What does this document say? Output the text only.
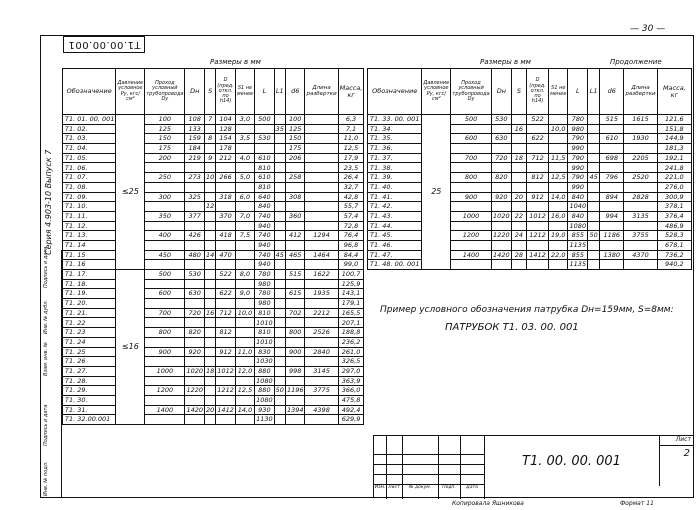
— 30 —
T1.00.00.001
Серия 4.903-10 Выпуск 7
Инв. № подл.
Подпись и дата
Взам. инв. №
Инв. № дубл.
Подпись и дата
Размеры в мм
Обозначение	Давление условное Pу, кгс/см²	Проход условный трубопровода Dу	Dн	S	D (пред. откл. по h14)	S1 не менее	L	L1	d6	Длина разбертки	Масса, кг
T1. 01. 00. 001	≤25	100	108	7	104	3,0	500		100		6,3
T1. 02.		125	133		128			35	125		7,1
T1. 03.		150	159	8	154	3,5	530		150		11,0
T1. 04.		175	184		178				175		12,5
T1. 05.		200	219	9	212	4,0	610		206		17,9
T1. 06.							810				23,5
T1. 07.		250	273	10	266	5,0	610		258		26,4
T1. 08.							810				32,7
T1. 09.		300	325		318	6,0	640		308		42,8
T1. 10.				12			840				55,7
T1. 11.		350	377		370	7,0	740		360		57,4
T1. 12.							940				72,8
T1. 13.		400	426		418	7,5	740		412	1294	76,4
T1. 14							940				96,8
T1. 15		450	480	14	470		740	45	465	1464	84,4
T1. 16							940				99,0
T1. 17.	≤16	500	530		522	8,0	780		515	1622	100,7
T1. 18.							980				125,9
T1. 19.		600	630		622	9,0	780		615	1935	143,1
T1. 20.							980				179,1
T1. 21.		700	720	16	712	10,0	810		702	2212	165,5
T1. 22							1010				207,1
T1. 23		800	820		812		810		800	2526	188,8
T1. 24							1010				236,2
T1. 25		900	920		912	11,0	830		900	2840	261,0
T1. 26							1030				326,5
T1. 27.		1000	1020	18	1012	12,0	880		998	3145	297,0
T1. 28.							1080				363,9
T1. 29.		1200	1220		1212	12,5	880	50	1196	3775	366,0
T1. 30.							1080				475,8
T1. 31.		1400	1420	20	1412	14,0	930		1394	4398	492,4
T1. 32.00.001							1130				629,9
Размеры в мм	Продолжение
Обозначение	Давление условное Pу, кгс/см²	Проход условный трубопровода Dу	Dн	S	D (пред. откл. по h14)	S1 не менее	L	L1	d6	Длина разбертки	Масса, кг
T1. 33. 00. 001	25	500	530		522		780		515	1615	121,6
T1. 34.				16		10,0	980				151,8
T1. 35.		600	630		622		790		610	1930	144,9
T1. 36.							990				181,3
T1. 37.		700	720	18	712	11,5	790		698	2205	192,1
T1. 38.							990				241,8
T1. 39.		800	820		812	12,5	790	45	796	2520	221,0
T1. 40.							990				276,0
T1. 41.		900	920	20	912	14,0	840		894	2828	300,9
T1. 42.							1040				378,1
T1. 43.		1000	1020	22	1012	16,0	840		994	3135	376,4
T1. 44.							1080				486,9
T1. 45.		1200	1220	24	1212	19,0	855	50	1186	3755	528,3
T1. 46.							1135				678,1
T1. 47.		1400	1420	28	1412	22,0	855		1380	4370	736,2
T1. 48. 00. 001							1135				940,2
Пример условного обозначения патрубка Dн=159мм, S=8мм:
ПАТРУБОК T1. 03. 00. 001
Изм. Лист	№ докум.	Подп.	Дата
T1. 00. 00. 001
Лист
2
Копировала Яшникова	Формат 11
